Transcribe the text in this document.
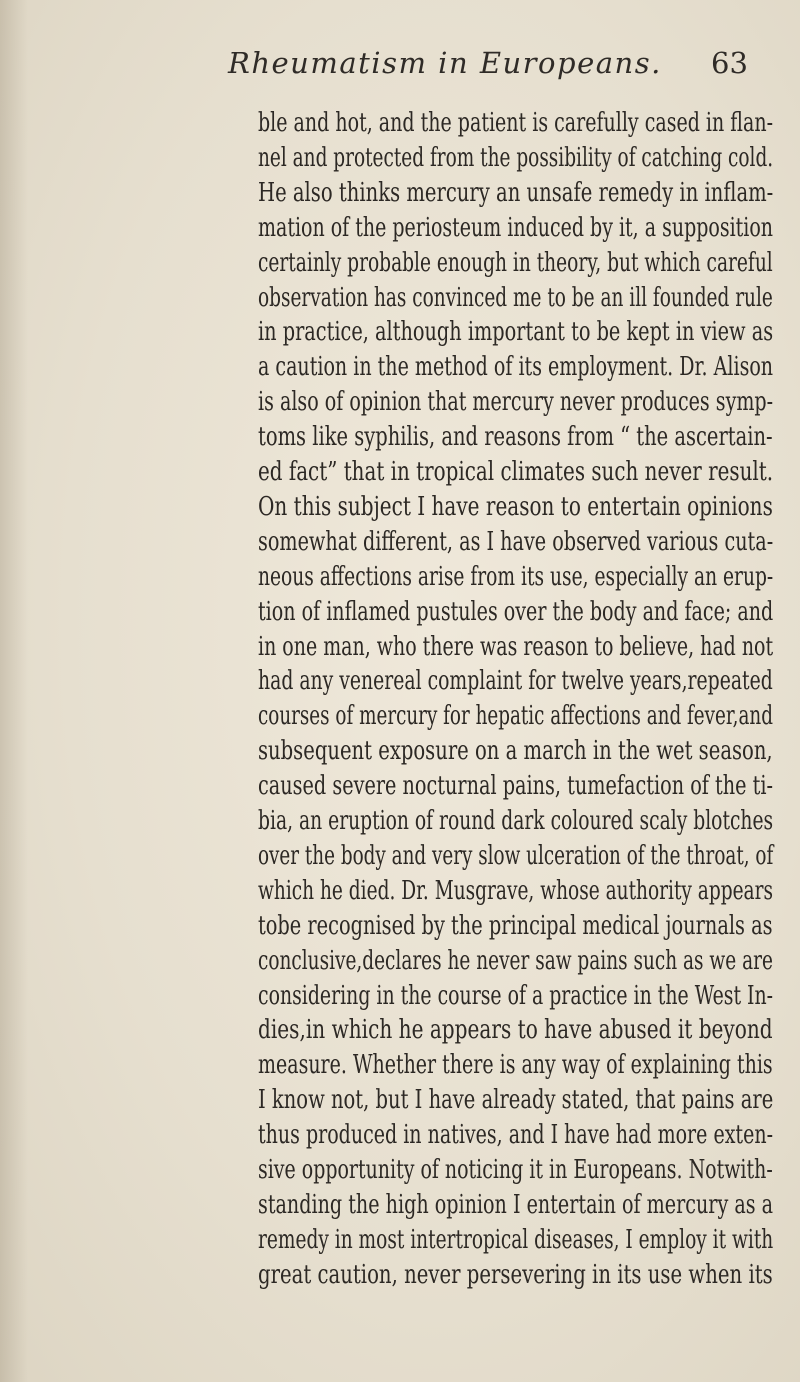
Rheumatism in Europeans. 63
ble and hot, and the patient is carefully cased in flan-
nel and protected from the possibility of catching cold.
He also thinks mercury an unsafe remedy in inflam-
mation of the periosteum induced by it, a supposition
certainly probable enough in theory, but which careful
observation has convinced me to be an ill founded rule
in practice, although important to be kept in view as
a caution in the method of its employment. Dr. Alison
is also of opinion that mercury never produces symp-
toms like syphilis, and reasons from “ the ascertain-
ed fact” that in tropical climates such never result.
On this subject I have reason to entertain opinions
somewhat different, as I have observed various cuta-
neous affections arise from its use, especially an erup-
tion of inflamed pustules over the body and face; and
in one man, who there was reason to believe, had not
had any venereal complaint for twelve years,repeated
courses of mercury for hepatic affections and fever,and
subsequent exposure on a march in the wet season,
caused severe nocturnal pains, tumefaction of the ti-
bia, an eruption of round dark coloured scaly blotches
over the body and very slow ulceration of the throat, of
which he died. Dr. Musgrave, whose authority appears
tobe recognised by the principal medical journals as
conclusive,declares he never saw pains such as we are
considering in the course of a practice in the West In-
dies,in which he appears to have abused it beyond
measure. Whether there is any way of explaining this
I know not, but I have already stated, that pains are
thus produced in natives, and I have had more exten-
sive opportunity of noticing it in Europeans. Notwith-
standing the high opinion I entertain of mercury as a
remedy in most intertropical diseases, I employ it with
great caution, never persevering in its use when its
